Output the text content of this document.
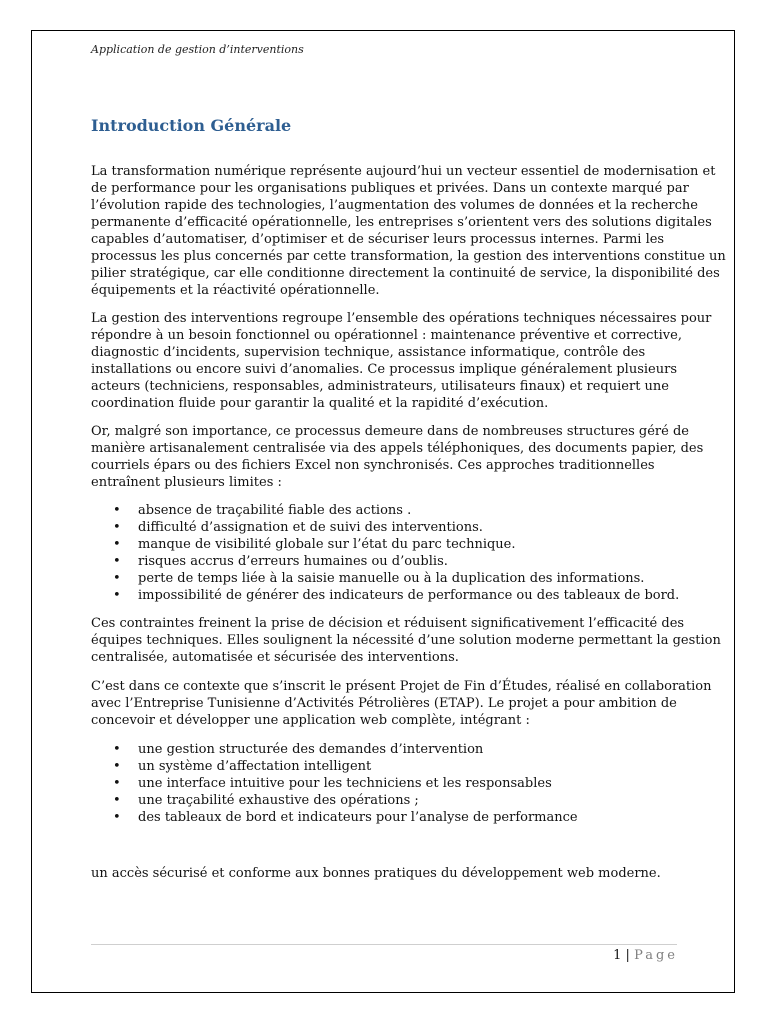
Application de gestion d’interventions
Introduction Générale
La transformation numérique représente aujourd’hui un vecteur essentiel de modernisation et
de performance pour les organisations publiques et privées. Dans un contexte marqué par
l’évolution rapide des technologies, l’augmentation des volumes de données et la recherche
permanente d’efficacité opérationnelle, les entreprises s’orientent vers des solutions digitales
capables d’automatiser, d’optimiser et de sécuriser leurs processus internes. Parmi les
processus les plus concernés par cette transformation, la gestion des interventions constitue un
pilier stratégique, car elle conditionne directement la continuité de service, la disponibilité des
équipements et la réactivité opérationnelle.
La gestion des interventions regroupe l’ensemble des opérations techniques nécessaires pour
répondre à un besoin fonctionnel ou opérationnel : maintenance préventive et corrective,
diagnostic d’incidents, supervision technique, assistance informatique, contrôle des
installations ou encore suivi d’anomalies. Ce processus implique généralement plusieurs
acteurs (techniciens, responsables, administrateurs, utilisateurs finaux) et requiert une
coordination fluide pour garantir la qualité et la rapidité d’exécution.
Or, malgré son importance, ce processus demeure dans de nombreuses structures géré de
manière artisanalement centralisée via des appels téléphoniques, des documents papier, des
courriels épars ou des fichiers Excel non synchronisés. Ces approches traditionnelles
entraînent plusieurs limites :
• absence de traçabilité fiable des actions .
• difficulté d’assignation et de suivi des interventions.
• manque de visibilité globale sur l’état du parc technique.
• risques accrus d’erreurs humaines ou d’oublis.
• perte de temps liée à la saisie manuelle ou à la duplication des informations.
• impossibilité de générer des indicateurs de performance ou des tableaux de bord.
Ces contraintes freinent la prise de décision et réduisent significativement l’efficacité des
équipes techniques. Elles soulignent la nécessité d’une solution moderne permettant la gestion
centralisée, automatisée et sécurisée des interventions.
C’est dans ce contexte que s’inscrit le présent Projet de Fin d’Études, réalisé en collaboration
avec l’Entreprise Tunisienne d’Activités Pétrolières (ETAP). Le projet a pour ambition de
concevoir et développer une application web complète, intégrant :
• une gestion structurée des demandes d’intervention
• un système d’affectation intelligent
• une interface intuitive pour les techniciens et les responsables
• une traçabilité exhaustive des opérations ;
• des tableaux de bord et indicateurs pour l’analyse de performance
un accès sécurisé et conforme aux bonnes pratiques du développement web moderne.
1 | Page
